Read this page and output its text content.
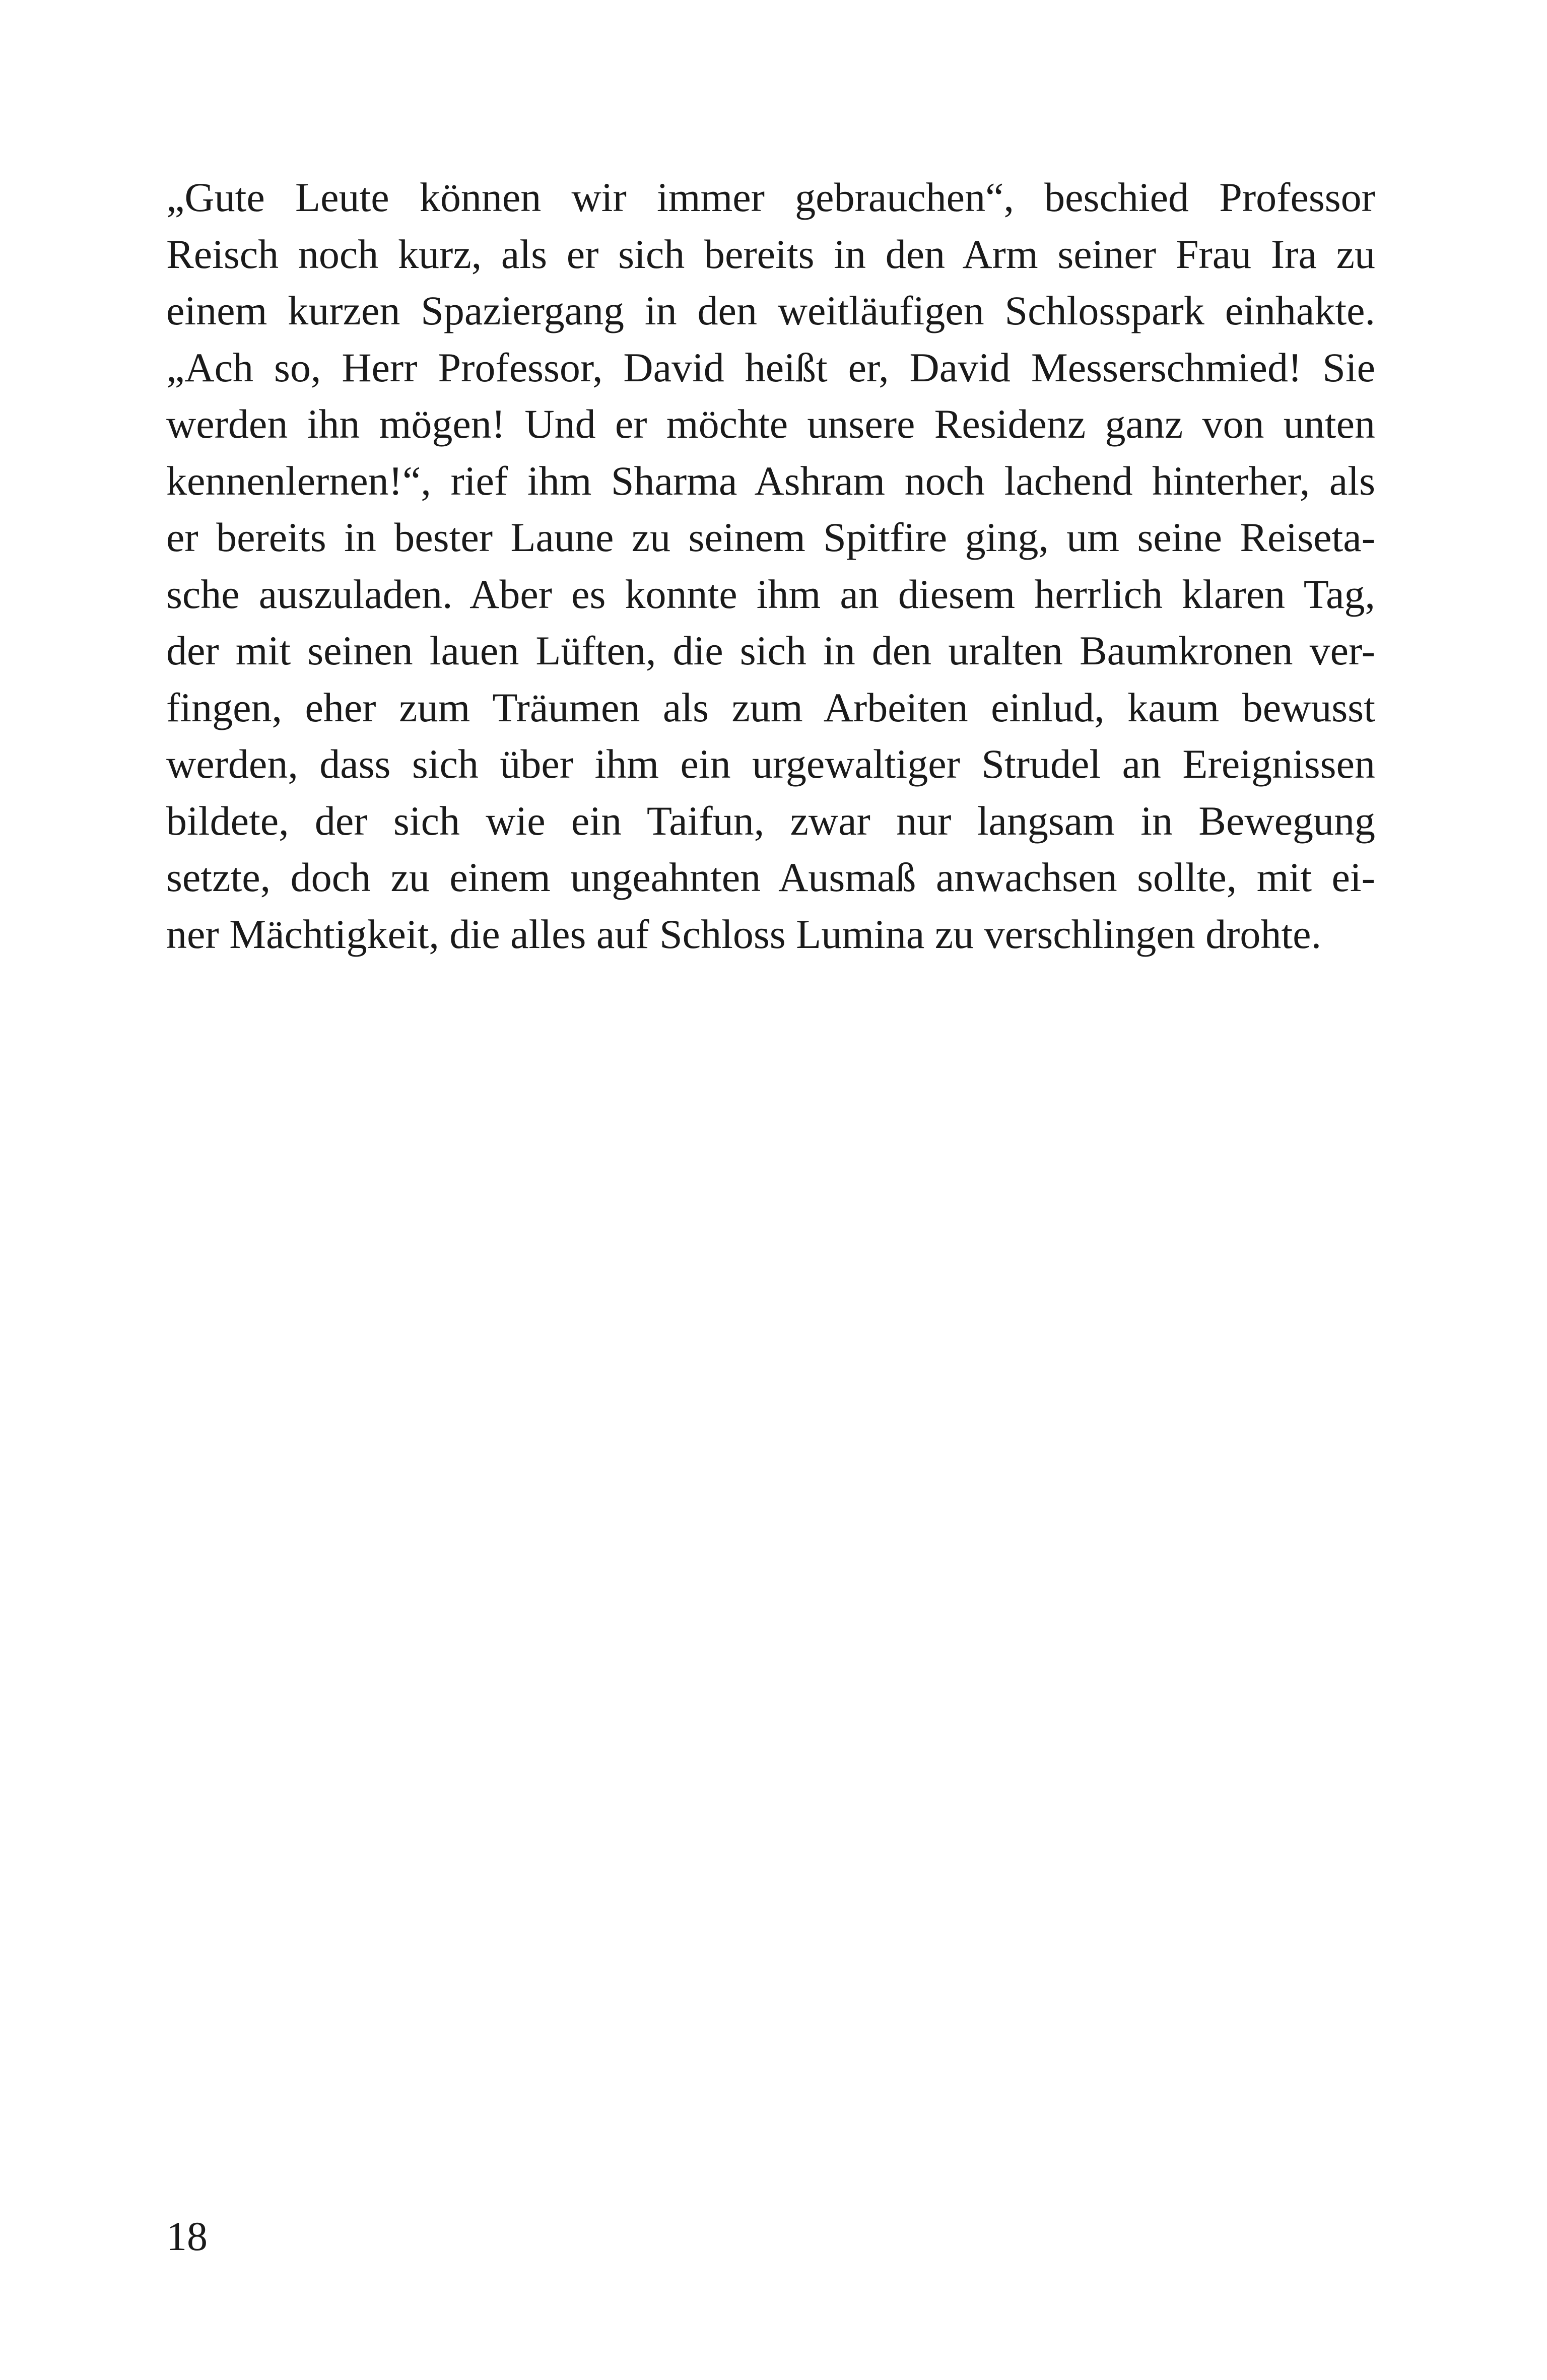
„Gute Leute können wir immer gebrauchen“, beschied Professor
Reisch noch kurz, als er sich bereits in den Arm seiner Frau Ira zu
einem kurzen Spaziergang in den weitläufigen Schlosspark einhakte.
„Ach so, Herr Professor, David heißt er, David Messerschmied! Sie
werden ihn mögen! Und er möchte unsere Residenz ganz von unten
kennenlernen!“, rief ihm Sharma Ashram noch lachend hinterher, als
er bereits in bester Laune zu seinem Spitfire ging, um seine Reiseta-
sche auszuladen. Aber es konnte ihm an diesem herrlich klaren Tag,
der mit seinen lauen Lüften, die sich in den uralten Baumkronen ver-
fingen, eher zum Träumen als zum Arbeiten einlud, kaum bewusst
werden, dass sich über ihm ein urgewaltiger Strudel an Ereignissen
bildete, der sich wie ein Taifun, zwar nur langsam in Bewegung
setzte, doch zu einem ungeahnten Ausmaß anwachsen sollte, mit ei-
ner Mächtigkeit, die alles auf Schloss Lumina zu verschlingen drohte.
18
